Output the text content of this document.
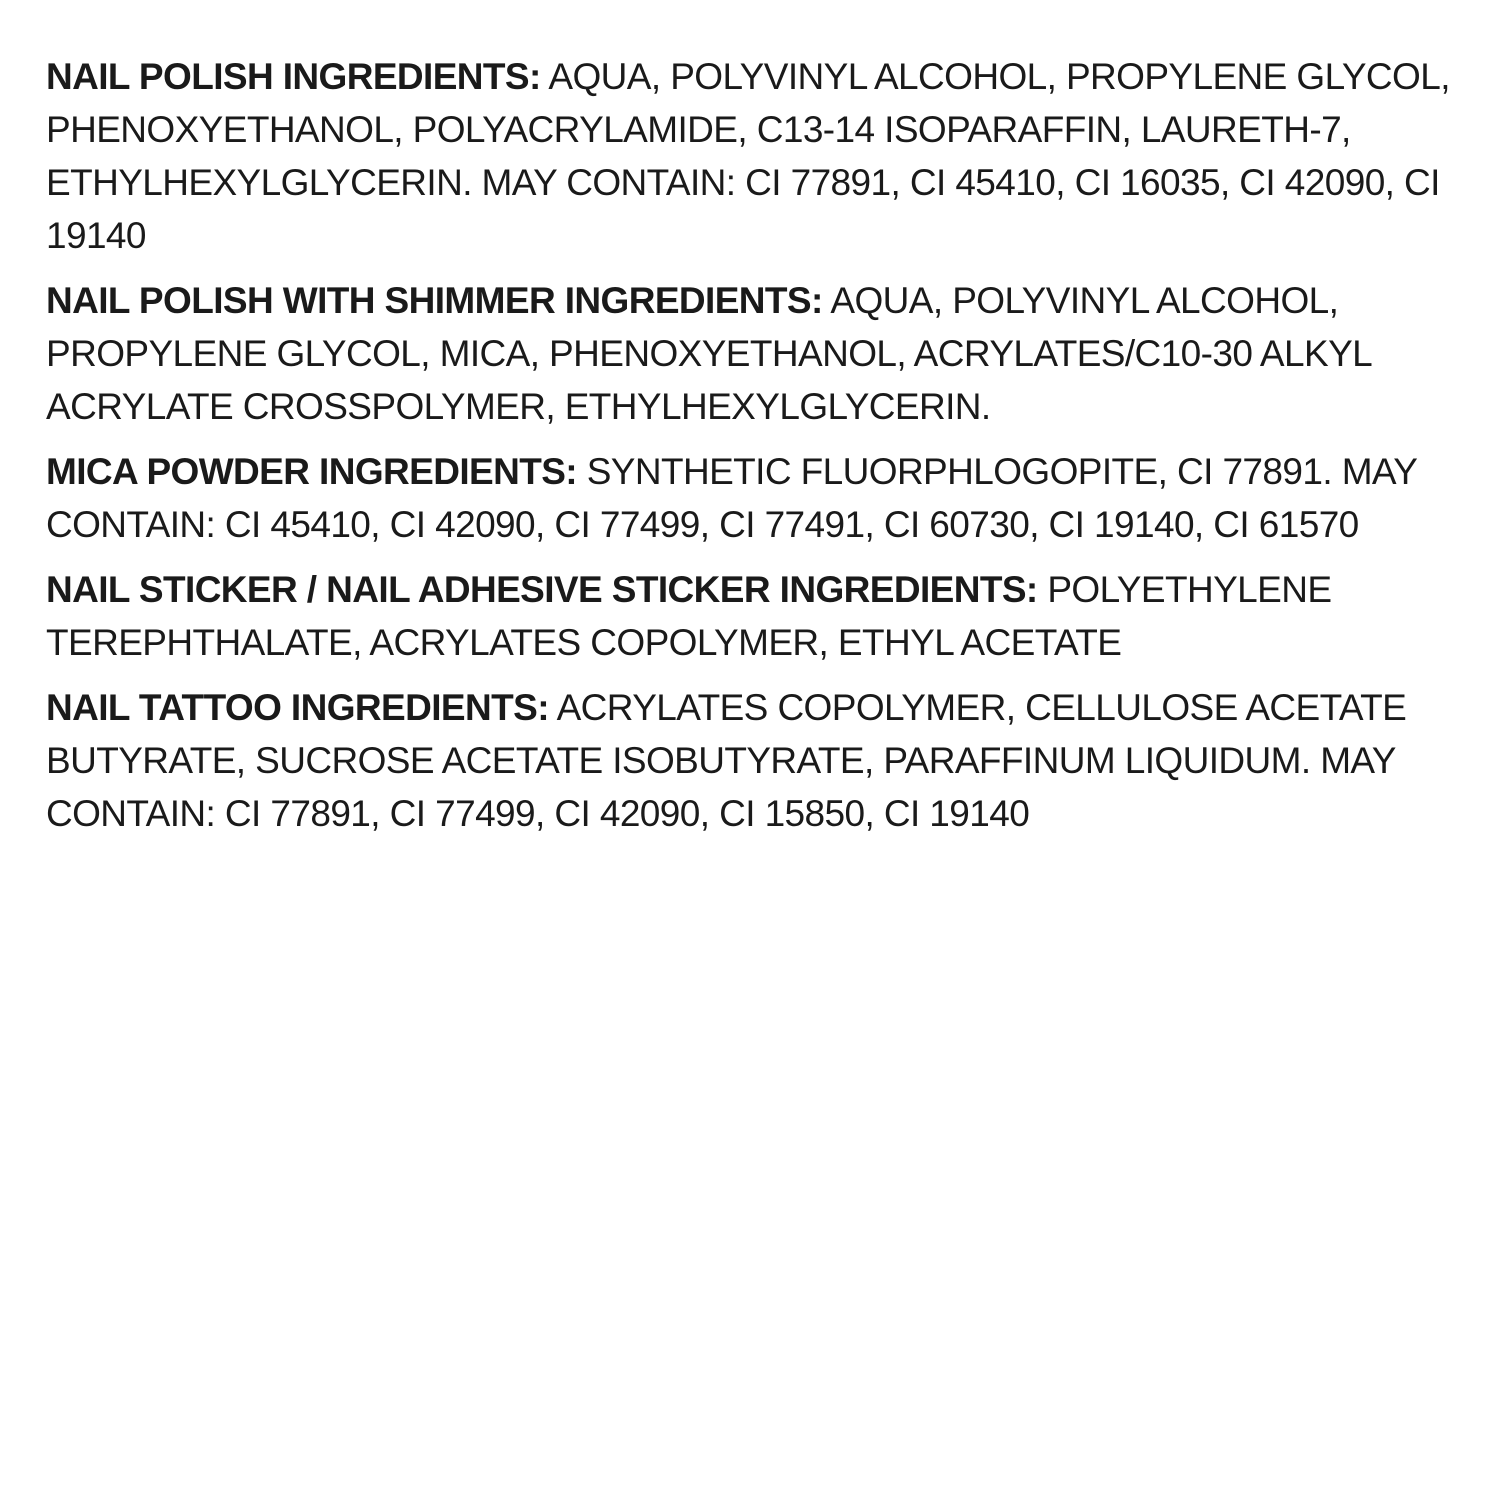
NAIL POLISH INGREDIENTS: AQUA, POLYVINYL ALCOHOL, PROPYLENE GLYCOL, PHENOXYETHANOL, POLYACRYLAMIDE, C13-14 ISOPARAFFIN, LAURETH-7, ETHYLHEXYLGLYCERIN. MAY CONTAIN: CI 77891, CI 45410, CI 16035, CI 42090, CI 19140

NAIL POLISH WITH SHIMMER INGREDIENTS: AQUA, POLYVINYL ALCOHOL, PROPYLENE GLYCOL, MICA, PHENOXYETHANOL, ACRYLATES/C10-30 ALKYL ACRYLATE CROSSPOLYMER, ETHYLHEXYLGLYCERIN.

MICA POWDER INGREDIENTS: SYNTHETIC FLUORPHLOGOPITE, CI 77891. MAY CONTAIN: CI 45410, CI 42090, CI 77499, CI 77491, CI 60730, CI 19140, CI 61570

NAIL STICKER / NAIL ADHESIVE STICKER INGREDIENTS: POLYETHYLENE TEREPHTHALATE, ACRYLATES COPOLYMER, ETHYL ACETATE

NAIL TATTOO INGREDIENTS: ACRYLATES COPOLYMER, CELLULOSE ACETATE BUTYRATE, SUCROSE ACETATE ISOBUTYRATE, PARAFFINUM LIQUIDUM. MAY CONTAIN: CI 77891, CI 77499, CI 42090, CI 15850, CI 19140
